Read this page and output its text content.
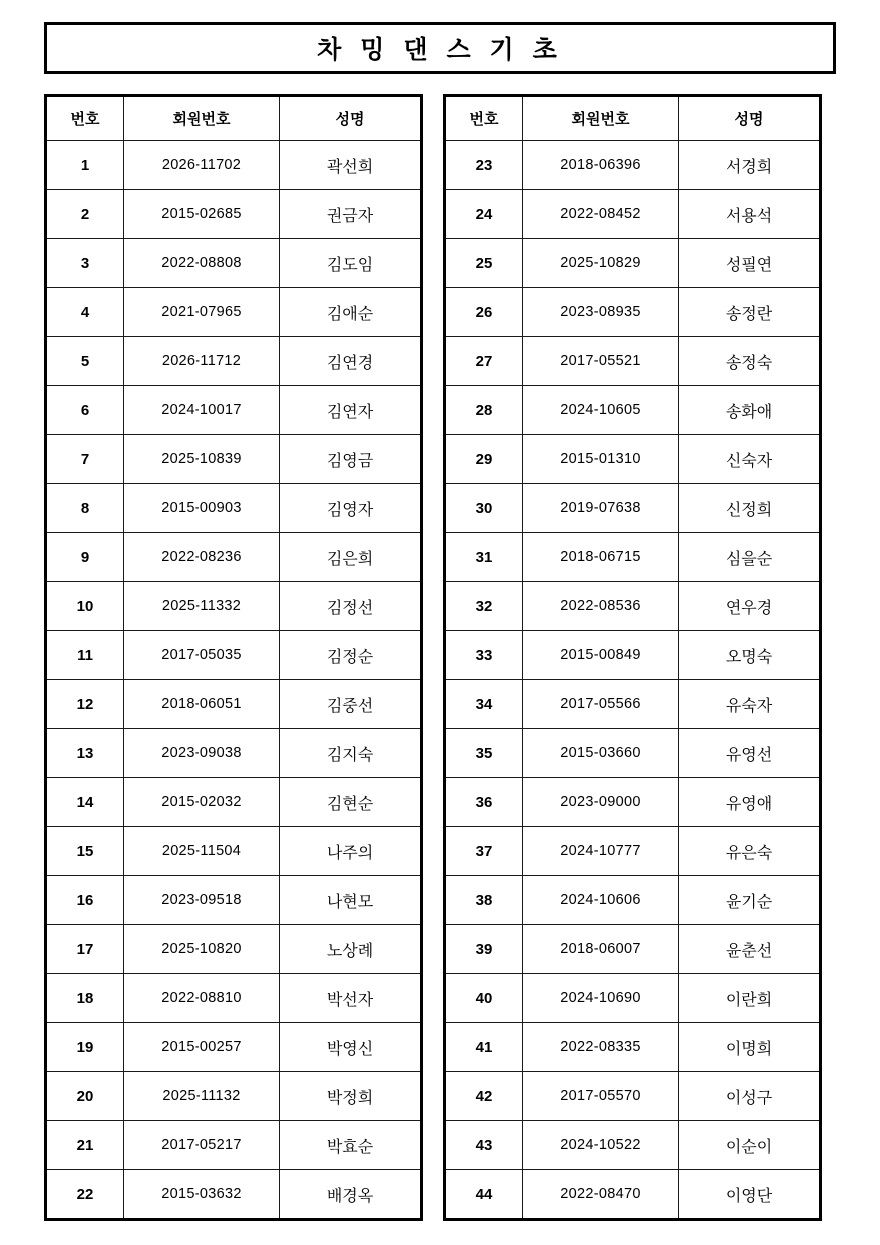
차 밍 댄 스 기 초
번호	회원번호	성명
1	2026-11702	곽선희
2	2015-02685	권금자
3	2022-08808	김도임
4	2021-07965	김애순
5	2026-11712	김연경
6	2024-10017	김연자
7	2025-10839	김영금
8	2015-00903	김영자
9	2022-08236	김은희
10	2025-11332	김정선
11	2017-05035	김정순
12	2018-06051	김중선
13	2023-09038	김지숙
14	2015-02032	김현순
15	2025-11504	나주의
16	2023-09518	나현모
17	2025-10820	노상례
18	2022-08810	박선자
19	2015-00257	박영신
20	2025-11132	박정희
21	2017-05217	박효순
22	2015-03632	배경옥
번호	회원번호	성명
23	2018-06396	서경희
24	2022-08452	서용석
25	2025-10829	성필연
26	2023-08935	송정란
27	2017-05521	송정숙
28	2024-10605	송화애
29	2015-01310	신숙자
30	2019-07638	신정희
31	2018-06715	심을순
32	2022-08536	연우경
33	2015-00849	오명숙
34	2017-05566	유숙자
35	2015-03660	유영선
36	2023-09000	유영애
37	2024-10777	유은숙
38	2024-10606	윤기순
39	2018-06007	윤춘선
40	2024-10690	이란희
41	2022-08335	이명희
42	2017-05570	이성구
43	2024-10522	이순이
44	2022-08470	이영단
